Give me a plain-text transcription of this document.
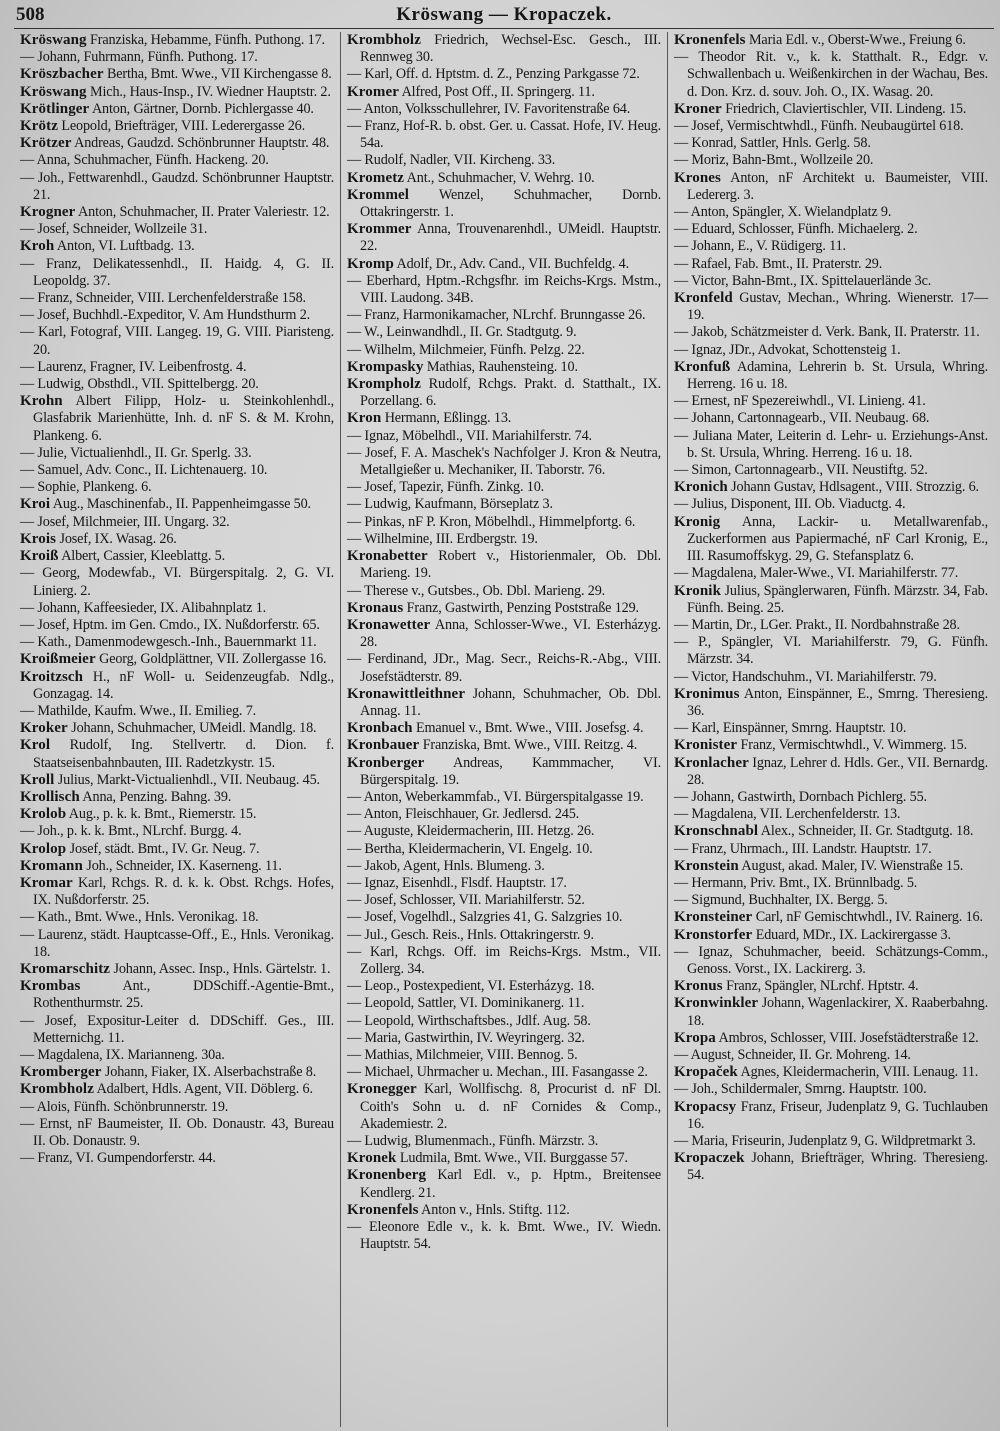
508	Kröswang — Kropaczek.
Kröswang Franziska, Hebamme, Fünfh. Puthong. 17.
— Johann, Fuhrmann, Fünfh. Puthong. 17.
Kröszbacher Bertha, Bmt. Wwe., VII Kirchengasse 8.
Kröswang Mich., Haus-Insp., IV. Wiedner Hauptstr. 2.
Krötlinger Anton, Gärtner, Dornb. Pichlergasse 40.
Krötz Leopold, Briefträger, VIII. Lederergasse 26.
Krötzer Andreas, Gaudzd. Schönbrunner Hauptstr. 48.
— Anna, Schuhmacher, Fünfh. Hackeng. 20.
— Joh., Fettwarenhdl., Gaudzd. Schönbrunner Hauptstr. 21.
Krogner Anton, Schuhmacher, II. Prater Valeriestr. 12.
— Josef, Schneider, Wollzeile 31.
Kroh Anton, VI. Luftbadg. 13.
— Franz, Delikatessenhdl., II. Haidg. 4, G. II. Leopoldg. 37.
— Franz, Schneider, VIII. Lerchenfelderstraße 158.
— Josef, Buchhdl.-Expeditor, V. Am Hundsthurm 2.
— Karl, Fotograf, VIII. Langeg. 19, G. VIII. Piaristeng. 20.
— Laurenz, Fragner, IV. Leibenfrostg. 4.
— Ludwig, Obsthdl., VII. Spittelbergg. 20.
Krohn Albert Filipp, Holz- u. Steinkohlenhdl., Glasfabrik Marienhütte, Inh. d. nF S. & M. Krohn, Plankeng. 6.
— Julie, Victualienhdl., II. Gr. Sperlg. 33.
— Samuel, Adv. Conc., II. Lichtenauerg. 10.
— Sophie, Plankeng. 6.
Kroi Aug., Maschinenfab., II. Pappenheimgasse 50.
— Josef, Milchmeier, III. Ungarg. 32.
Krois Josef, IX. Wasag. 26.
Kroiß Albert, Cassier, Kleeblattg. 5.
— Georg, Modewfab., VI. Bürgerspitalg. 2, G. VI. Linierg. 2.
— Johann, Kaffeesieder, IX. Alibahnplatz 1.
— Josef, Hptm. im Gen. Cmdo., IX. Nußdorferstr. 65.
— Kath., Damenmodewgesch.-Inh., Bauernmarkt 11.
Kroißmeier Georg, Goldplättner, VII. Zollergasse 16.
Kroitzsch H., nF Woll- u. Seidenzeugfab. Ndlg., Gonzagag. 14.
— Mathilde, Kaufm. Wwe., II. Emilieg. 7.
Kroker Johann, Schuhmacher, UMeidl. Mandlg. 18.
Krol Rudolf, Ing. Stellvertr. d. Dion. f. Staatseisenbahnbauten, III. Radetzkystr. 15.
Kroll Julius, Markt-Victualienhdl., VII. Neubaug. 45.
Krollisch Anna, Penzing. Bahng. 39.
Krolob Aug., p. k. k. Bmt., Riemerstr. 15.
— Joh., p. k. k. Bmt., NLrchf. Burgg. 4.
Krolop Josef, städt. Bmt., IV. Gr. Neug. 7.
Kromann Joh., Schneider, IX. Kaserneng. 11.
Kromar Karl, Rchgs. R. d. k. k. Obst. Rchgs. Hofes, IX. Nußdorferstr. 25.
— Kath., Bmt. Wwe., Hnls. Veronikag. 18.
— Laurenz, städt. Hauptcasse-Off., E., Hnls. Veronikag. 18.
Kromarschitz Johann, Assec. Insp., Hnls. Gärtelstr. 1.
Krombas Ant., DDSchiff.-Agentie-Bmt., Rothenthurmstr. 25.
— Josef, Expositur-Leiter d. DDSchiff. Ges., III. Metternichg. 11.
— Magdalena, IX. Marianneng. 30a.
Kromberger Johann, Fiaker, IX. Alserbachstraße 8.
Krombholz Adalbert, Hdls. Agent, VII. Döblerg. 6.
— Alois, Fünfh. Schönbrunnerstr. 19.
— Ernst, nF Baumeister, II. Ob. Donaustr. 43, Bureau II. Ob. Donaustr. 9.
— Franz, VI. Gumpendorferstr. 44.
Krombholz Friedrich, Wechsel-Esc. Gesch., III. Rennweg 30.
— Karl, Off. d. Hptstm. d. Z., Penzing Parkgasse 72.
Kromer Alfred, Post Off., II. Springerg. 11.
— Anton, Volksschullehrer, IV. Favoritenstraße 64.
— Franz, Hof-R. b. obst. Ger. u. Cassat. Hofe, IV. Heug. 54a.
— Rudolf, Nadler, VII. Kircheng. 33.
Krometz Ant., Schuhmacher, V. Wehrg. 10.
Krommel Wenzel, Schuhmacher, Dornb. Ottakringerstr. 1.
Krommer Anna, Trouvenarenhdl., UMeidl. Hauptstr. 22.
Kromp Adolf, Dr., Adv. Cand., VII. Buchfeldg. 4.
— Eberhard, Hptm.-Rchgsfhr. im Reichs-Krgs. Mstm., VIII. Laudong. 34B.
— Franz, Harmonikamacher, NLrchf. Brunngasse 26.
— W., Leinwandhdl., II. Gr. Stadtgutg. 9.
— Wilhelm, Milchmeier, Fünfh. Pelzg. 22.
Krompasky Mathias, Rauhensteing. 10.
Krompholz Rudolf, Rchgs. Prakt. d. Statthalt., IX. Porzellang. 6.
Kron Hermann, Eßlingg. 13.
— Ignaz, Möbelhdl., VII. Mariahilferstr. 74.
— Josef, F. A. Maschek's Nachfolger J. Kron & Neutra, Metallgießer u. Mechaniker, II. Taborstr. 76.
— Josef, Tapezir, Fünfh. Zinkg. 10.
— Ludwig, Kaufmann, Börseplatz 3.
— Pinkas, nF P. Kron, Möbelhdl., Himmelpfortg. 6.
— Wilhelmine, III. Erdbergstr. 19.
Kronabetter Robert v., Historienmaler, Ob. Dbl. Marieng. 19.
— Therese v., Gutsbes., Ob. Dbl. Marieng. 29.
Kronaus Franz, Gastwirth, Penzing Poststraße 129.
Kronawetter Anna, Schlosser-Wwe., VI. Esterházyg. 28.
— Ferdinand, JDr., Mag. Secr., Reichs-R.-Abg., VIII. Josefstädterstr. 89.
Kronawittleithner Johann, Schuhmacher, Ob. Dbl. Annag. 11.
Kronbach Emanuel v., Bmt. Wwe., VIII. Josefsg. 4.
Kronbauer Franziska, Bmt. Wwe., VIII. Reitzg. 4.
Kronberger Andreas, Kammmacher, VI. Bürgerspitalg. 19.
— Anton, Weberkammfab., VI. Bürgerspitalgasse 19.
— Anton, Fleischhauer, Gr. Jedlersd. 245.
— Auguste, Kleidermacherin, III. Hetzg. 26.
— Bertha, Kleidermacherin, VI. Engelg. 10.
— Jakob, Agent, Hnls. Blumeng. 3.
— Ignaz, Eisenhdl., Flsdf. Hauptstr. 17.
— Josef, Schlosser, VII. Mariahilferstr. 52.
— Josef, Vogelhdl., Salzgries 41, G. Salzgries 10.
— Jul., Gesch. Reis., Hnls. Ottakringerstr. 9.
— Karl, Rchgs. Off. im Reichs-Krgs. Mstm., VII. Zollerg. 34.
— Leop., Postexpedient, VI. Esterházyg. 18.
— Leopold, Sattler, VI. Dominikanerg. 11.
— Leopold, Wirthschaftsbes., Jdlf. Aug. 58.
— Maria, Gastwirthin, IV. Weyringerg. 32.
— Mathias, Milchmeier, VIII. Bennog. 5.
— Michael, Uhrmacher u. Mechan., III. Fasangasse 2.
Kronegger Karl, Wollfischg. 8, Procurist d. nF Dl. Coith's Sohn u. d. nF Cornides & Comp., Akademiestr. 2.
— Ludwig, Blumenmach., Fünfh. Märzstr. 3.
Kronek Ludmila, Bmt. Wwe., VII. Burggasse 57.
Kronenberg Karl Edl. v., p. Hptm., Breitensee Kendlerg. 21.
Kronenfels Anton v., Hnls. Stiftg. 112.
— Eleonore Edle v., k. k. Bmt. Wwe., IV. Wiedn. Hauptstr. 54.
Kronenfels Maria Edl. v., Oberst-Wwe., Freiung 6.
— Theodor Rit. v., k. k. Statthalt. R., Edgr. v. Schwallenbach u. Weißenkirchen in der Wachau, Bes. d. Don. Krz. d. souv. Joh. O., IX. Wasag. 20.
Kroner Friedrich, Claviertischler, VII. Lindeng. 15.
— Josef, Vermischtwhdl., Fünfh. Neubaugürtel 618.
— Konrad, Sattler, Hnls. Gerlg. 58.
— Moriz, Bahn-Bmt., Wollzeile 20.
Krones Anton, nF Architekt u. Baumeister, VIII. Ledererg. 3.
— Anton, Spängler, X. Wielandplatz 9.
— Eduard, Schlosser, Fünfh. Michaelerg. 2.
— Johann, E., V. Rüdigerg. 11.
— Rafael, Fab. Bmt., II. Praterstr. 29.
— Victor, Bahn-Bmt., IX. Spittelauerlände 3c.
Kronfeld Gustav, Mechan., Whring. Wienerstr. 17—19.
— Jakob, Schätzmeister d. Verk. Bank, II. Praterstr. 11.
— Ignaz, JDr., Advokat, Schottensteig 1.
Kronfuß Adamina, Lehrerin b. St. Ursula, Whring. Herreng. 16 u. 18.
— Ernest, nF Spezereiwhdl., VI. Linieng. 41.
— Johann, Cartonnagearb., VII. Neubaug. 68.
— Juliana Mater, Leiterin d. Lehr- u. Erziehungs-Anst. b. St. Ursula, Whring. Herreng. 16 u. 18.
— Simon, Cartonnagearb., VII. Neustiftg. 52.
Kronich Johann Gustav, Hdlsagent., VIII. Strozzig. 6.
— Julius, Disponent, III. Ob. Viaductg. 4.
Kronig Anna, Lackir- u. Metallwarenfab., Zuckerformen aus Papiermaché, nF Carl Kronig, E., III. Rasumoffskyg. 29, G. Stefansplatz 6.
— Magdalena, Maler-Wwe., VI. Mariahilferstr. 77.
Kronik Julius, Spänglerwaren, Fünfh. Märzstr. 34, Fab. Fünfh. Being. 25.
— Martin, Dr., LGer. Prakt., II. Nordbahnstraße 28.
— P., Spängler, VI. Mariahilferstr. 79, G. Fünfh. Märzstr. 34.
— Victor, Handschuhm., VI. Mariahilferstr. 79.
Kronimus Anton, Einspänner, E., Smrng. Theresieng. 36.
— Karl, Einspänner, Smrng. Hauptstr. 10.
Kronister Franz, Vermischtwhdl., V. Wimmerg. 15.
Kronlacher Ignaz, Lehrer d. Hdls. Ger., VII. Bernardg. 28.
— Johann, Gastwirth, Dornbach Pichlerg. 55.
— Magdalena, VII. Lerchenfelderstr. 13.
Kronschnabl Alex., Schneider, II. Gr. Stadtgutg. 18.
— Franz, Uhrmach., III. Landstr. Hauptstr. 17.
Kronstein August, akad. Maler, IV. Wienstraße 15.
— Hermann, Priv. Bmt., IX. Brünnlbadg. 5.
— Sigmund, Buchhalter, IX. Bergg. 5.
Kronsteiner Carl, nF Gemischtwhdl., IV. Rainerg. 16.
Kronstorfer Eduard, MDr., IX. Lackirergasse 3.
— Ignaz, Schuhmacher, beeid. Schätzungs-Comm., Genoss. Vorst., IX. Lackirerg. 3.
Kronus Franz, Spängler, NLrchf. Hptstr. 4.
Kronwinkler Johann, Wagenlackirer, X. Raaberbahng. 18.
Kropa Ambros, Schlosser, VIII. Josefstädterstraße 12.
— August, Schneider, II. Gr. Mohreng. 14.
Kropaček Agnes, Kleidermacherin, VIII. Lenaug. 11.
— Joh., Schildermaler, Smrng. Hauptstr. 100.
Kropacsy Franz, Friseur, Judenplatz 9, G. Tuchlauben 16.
— Maria, Friseurin, Judenplatz 9, G. Wildpretmarkt 3.
Kropaczek Johann, Briefträger, Whring. Theresieng. 54.
